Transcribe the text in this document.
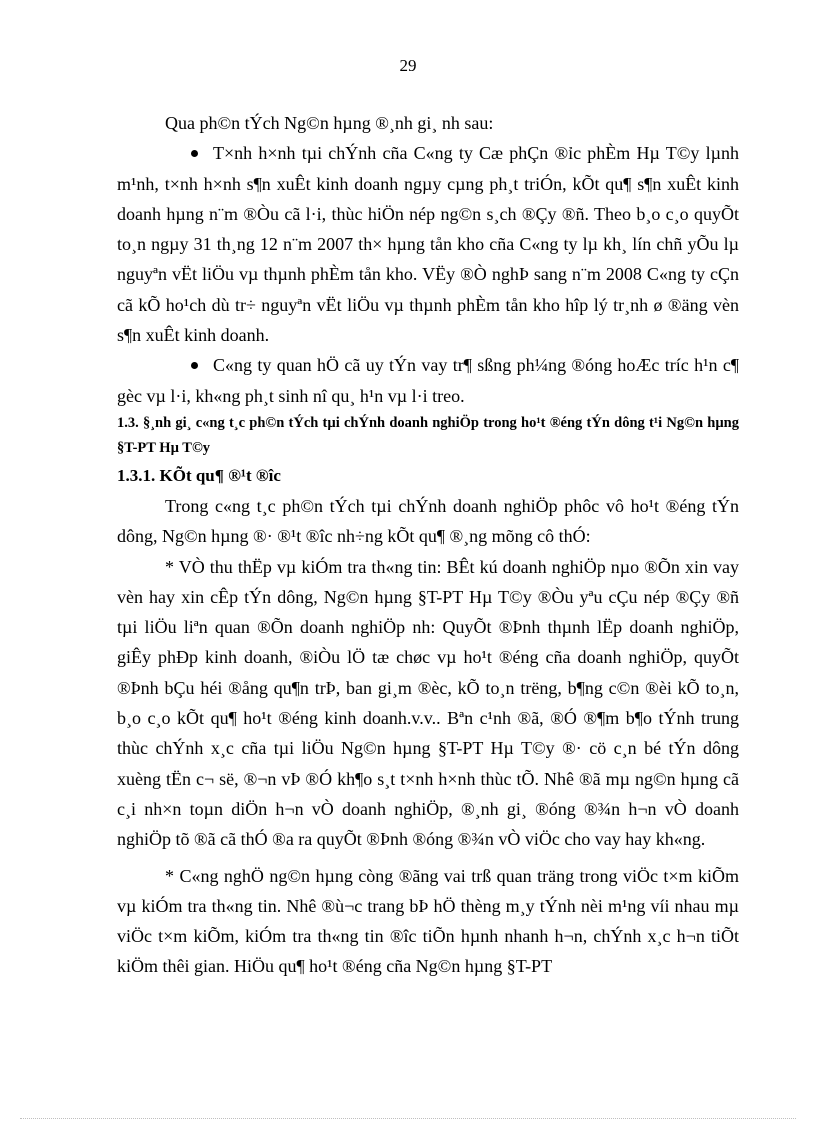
29

Qua ph©n tÝch Ng©n hµng ®¸nh gi¸ nh sau:

T×nh h×nh tµi chÝnh cña C«ng ty Cæ phÇn ®ỉc phÈm Hµ T©y lµnh m¹nh, t×nh h×nh s¶n xuÊt kinh doanh ngµy cµng ph¸t triÓn, kÕt qu¶ s¶n xuÊt kinh doanh hµng n¨m ®Òu cã l·i, thùc hiÖn nép ng©n s¸ch ®Çy ®ñ. Theo b¸o c¸o quyÕt to¸n ngµy 31 th¸ng 12 n¨m 2007 th× hµng tån kho cña C«ng ty lµ kh¸ lín chñ yÕu lµ nguyªn vËt liÖu vµ thµnh phÈm tån kho. VËy ®Ò nghÞ sang n¨m 2008 C«ng ty cÇn cã kÕ ho¹ch dù tr÷ nguyªn vËt liÖu vµ thµnh phÈm tån kho hîp lý tr¸nh ø ®äng vèn s¶n xuÊt kinh doanh.

C«ng ty quan hÖ cã uy tÝn vay tr¶ sßng ph¼ng ®óng hoÆc tríc h¹n c¶ gèc vµ l·i, kh«ng ph¸t sinh nî qu¸ h¹n vµ l·i treo.

1.3. §¸nh gi¸ c«ng t¸c ph©n tÝch tµi chÝnh doanh nghiÖp trong ho¹t ®éng tÝn dông t¹i Ng©n hµng §T-PT Hµ T©y

1.3.1. KÕt qu¶ ®¹t ®îc

Trong c«ng t¸c ph©n tÝch tµi chÝnh doanh nghiÖp phôc vô ho¹t ®éng tÝn dông, Ng©n hµng ®· ®¹t ®îc nh÷ng kÕt qu¶ ®¸ng mõng cô thÓ:

* VÒ thu thËp vµ kiÓm tra th«ng tin: BÊt kú doanh nghiÖp nµo ®Õn xin vay vèn hay xin cÊp tÝn dông, Ng©n hµng §T-PT Hµ T©y ®Òu yªu cÇu nép ®Çy ®ñ tµi liÖu liªn quan ®Õn doanh nghiÖp nh: QuyÕt ®Þnh thµnh lËp doanh nghiÖp, giÊy phÐp kinh doanh, ®iÒu lÖ tæ chøc vµ ho¹t ®éng cña doanh nghiÖp, quyÕt ®Þnh bÇu héi ®ång qu¶n trÞ, ban gi¸m ®èc, kÕ to¸n trëng, b¶ng c©n ®èi kÕ to¸n, b¸o c¸o kÕt qu¶ ho¹t ®éng kinh doanh.v.v.. Bªn c¹nh ®ã, ®Ó ®¶m b¶o tÝnh trung thùc chÝnh x¸c cña tµi liÖu Ng©n hµng §T-PT Hµ T©y ®· cö c¸n bé tÝn dông xuèng tËn c¬ së, ®¬n vÞ ®Ó kh¶o s¸t t×nh h×nh thùc tÕ. Nhê ®ã mµ ng©n hµng cã c¸i nh×n toµn diÖn h¬n vÒ doanh nghiÖp, ®¸nh gi¸ ®óng ®¾n h¬n vÒ doanh nghiÖp tõ ®ã cã thÓ ®a ra quyÕt ®Þnh ®óng ®¾n vÒ viÖc cho vay hay kh«ng.

* C«ng nghÖ ng©n hµng còng ®ãng vai trß quan träng trong viÖc t×m kiÕm vµ kiÓm tra th«ng tin. Nhê ®ù¬c trang bÞ hÖ thèng m¸y tÝnh nèi m¹ng víi nhau mµ viÖc t×m kiÕm, kiÓm tra th«ng tin ®îc tiÕn hµnh nhanh h¬n, chÝnh x¸c h¬n tiÕt kiÖm thêi gian. HiÖu qu¶ ho¹t ®éng cña Ng©n hµng §T-PT
